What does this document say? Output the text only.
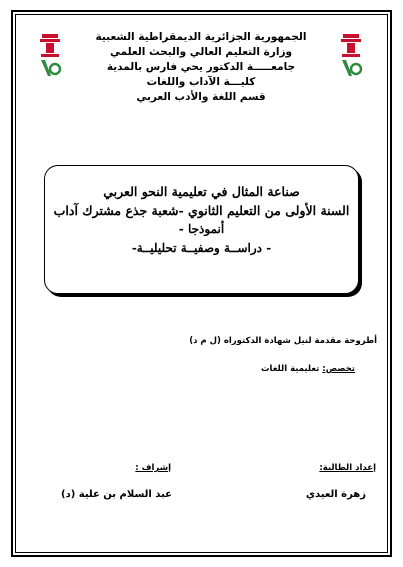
الجمهورية الجزائرية الديمقراطية الشعبية
وزارة التعليم العالي والبحث العلمي
جامعـــــة الدكتور يحي فارس بالمدية
كليـــة الآداب واللغات
قسم اللغة والأدب العربي
صناعة المثال في تعليمية النحو العربي
السنة الأولى من التعليم الثانوي -شعبة جذع مشترك آداب
أنموذجا -
- دراســة وصفيــة تحليليــة-
أطروحة مقدمة لنيل شهادة الدكتوراه (ل م د)
تخصص: تعليمية اللغات
إعداد الطالبة:
إشراف :
زهرة العيدي
عبد السلام بن علية (د)
